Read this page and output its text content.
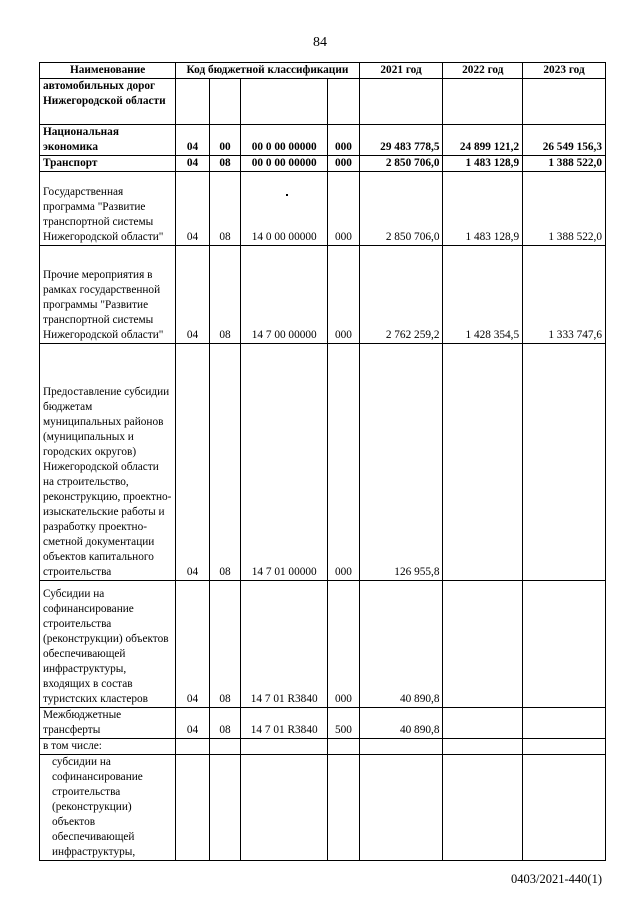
84
Наименование	Код бюджетной классификации				2021 год	2022 год	2023 год
автомобильных дорог Нижегородской области							
Национальная экономика	04	00	00 0 00 00000	000	29 483 778,5	24 899 121,2	26 549 156,3
Транспорт	04	08	00 0 00 00000	000	2 850 706,0	1 483 128,9	1 388 522,0
Государственная программа "Развитие транспортной системы Нижегородской области"	04	08	14 0 00 00000	000	2 850 706,0	1 483 128,9	1 388 522,0
Прочие мероприятия в рамках государственной программы "Развитие транспортной системы Нижегородской области"	04	08	14 7 00 00000	000	2 762 259,2	1 428 354,5	1 333 747,6
Предоставление субсидии бюджетам муниципальных районов (муниципальных и городских округов) Нижегородской области на строительство, реконструкцию, проектно-изыскательские работы и разработку проектно-сметной документации объектов капитального строительства	04	08	14 7 01 00000	000	126 955,8		
Субсидии на софинансирование строительства (реконструкции) объектов обеспечивающей инфраструктуры, входящих в состав туристских кластеров	04	08	14 7 01 R3840	000	40 890,8		
Межбюджетные трансферты	04	08	14 7 01 R3840	500	40 890,8		
в том числе:							
субсидии на софинансирование строительства (реконструкции) объектов обеспечивающей инфраструктуры,							
0403/2021-440(1)
